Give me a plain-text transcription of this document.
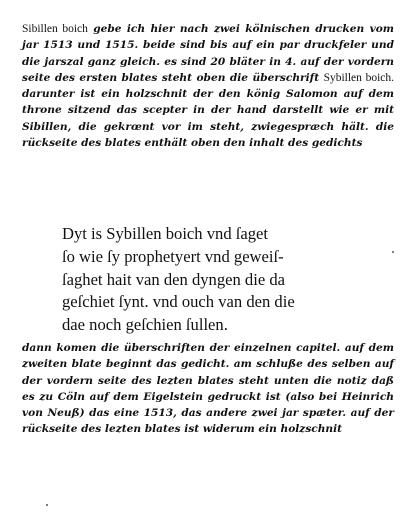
Sibillen boich gebe ich hier nach zwei kölnischen drucken vom jar 1513 und 1515. beide sind bis auf ein par druckfeler und die jarszal ganz gleich. es sind 20 bläter in 4. auf der vordern seite des ersten blates steht oben die überschrift Sybillen boich. darunter ist ein holzschnit der den könig Salomon auf dem throne sitzend das scepter in der hand darstellt wie er mit Sibillen, die gekrœnt vor im steht, zwiegespræch hält. die rückseite des blates enthält oben den inhalt des gedichts

Dyt is Sybillen boich vnd ſaget
ſo wie ſy prophetyert vnd geweiſ-
ſaghet hait van den dyngen die da
geſchiet ſynt. vnd ouch van den die
dae noch geſchien ſullen.

dann komen die überschriften der einzelnen capitel. auf dem zweiten blate beginnt das gedicht. am schluße des selben auf der vordern seite des lezten blates steht unten die notiz daß es zu Cöln auf dem Eigelstein gedruckt ist (also bei Heinrich von Neuß) das eine 1513, das andere zwei jar spæter. auf der rückseite des lezten blates ist widerum ein holzschnit
